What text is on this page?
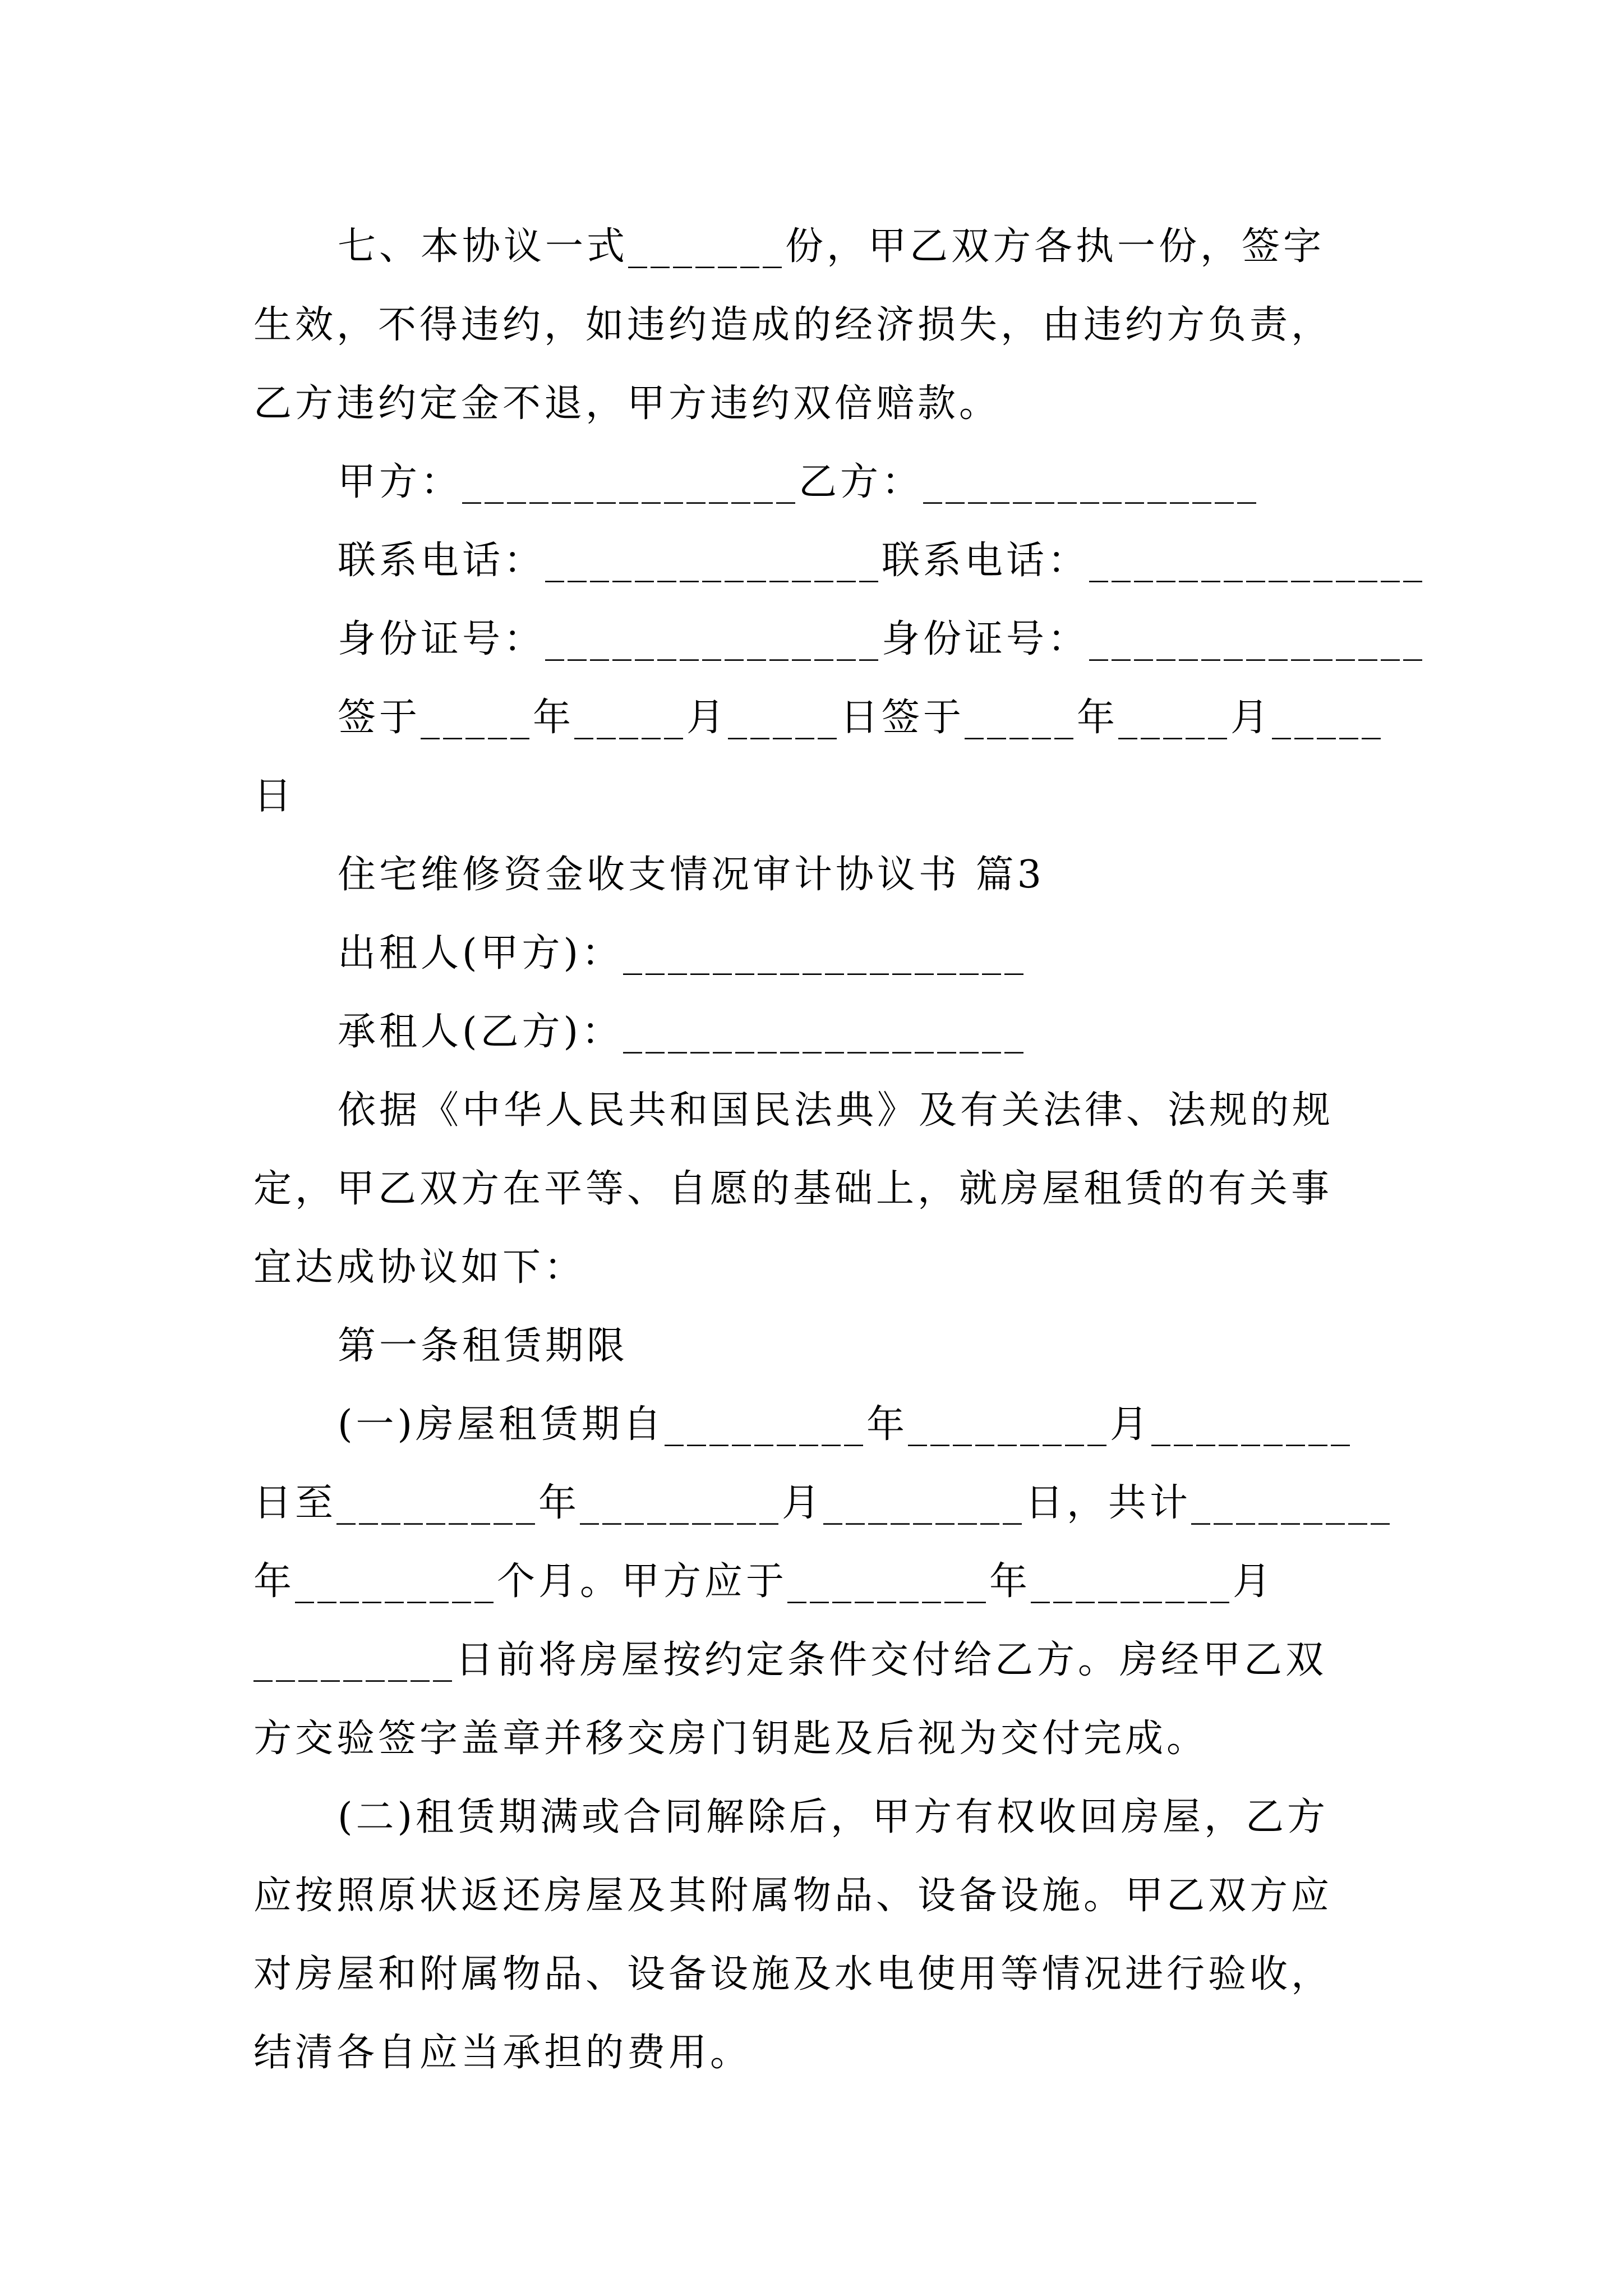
七、本协议一式_______份，甲乙双方各执一份，签字
生效，不得违约，如违约造成的经济损失，由违约方负责，
乙方违约定金不退，甲方违约双倍赔款。
甲方：_______________乙方：_______________
联系电话：_______________联系电话：_______________
身份证号：_______________身份证号：_______________
签于_____年_____月_____日签于_____年_____月_____
日
住宅维修资金收支情况审计协议书 篇3
出租人(甲方)：__________________
承租人(乙方)：__________________
依据《中华人民共和国民法典》及有关法律、法规的规
定，甲乙双方在平等、自愿的基础上，就房屋租赁的有关事
宜达成协议如下：
第一条租赁期限
(一)房屋租赁期自_________年_________月_________
日至_________年_________月_________日，共计_________
年_________个月。甲方应于_________年_________月
_________日前将房屋按约定条件交付给乙方。房经甲乙双
方交验签字盖章并移交房门钥匙及后视为交付完成。
(二)租赁期满或合同解除后，甲方有权收回房屋，乙方
应按照原状返还房屋及其附属物品、设备设施。甲乙双方应
对房屋和附属物品、设备设施及水电使用等情况进行验收，
结清各自应当承担的费用。
